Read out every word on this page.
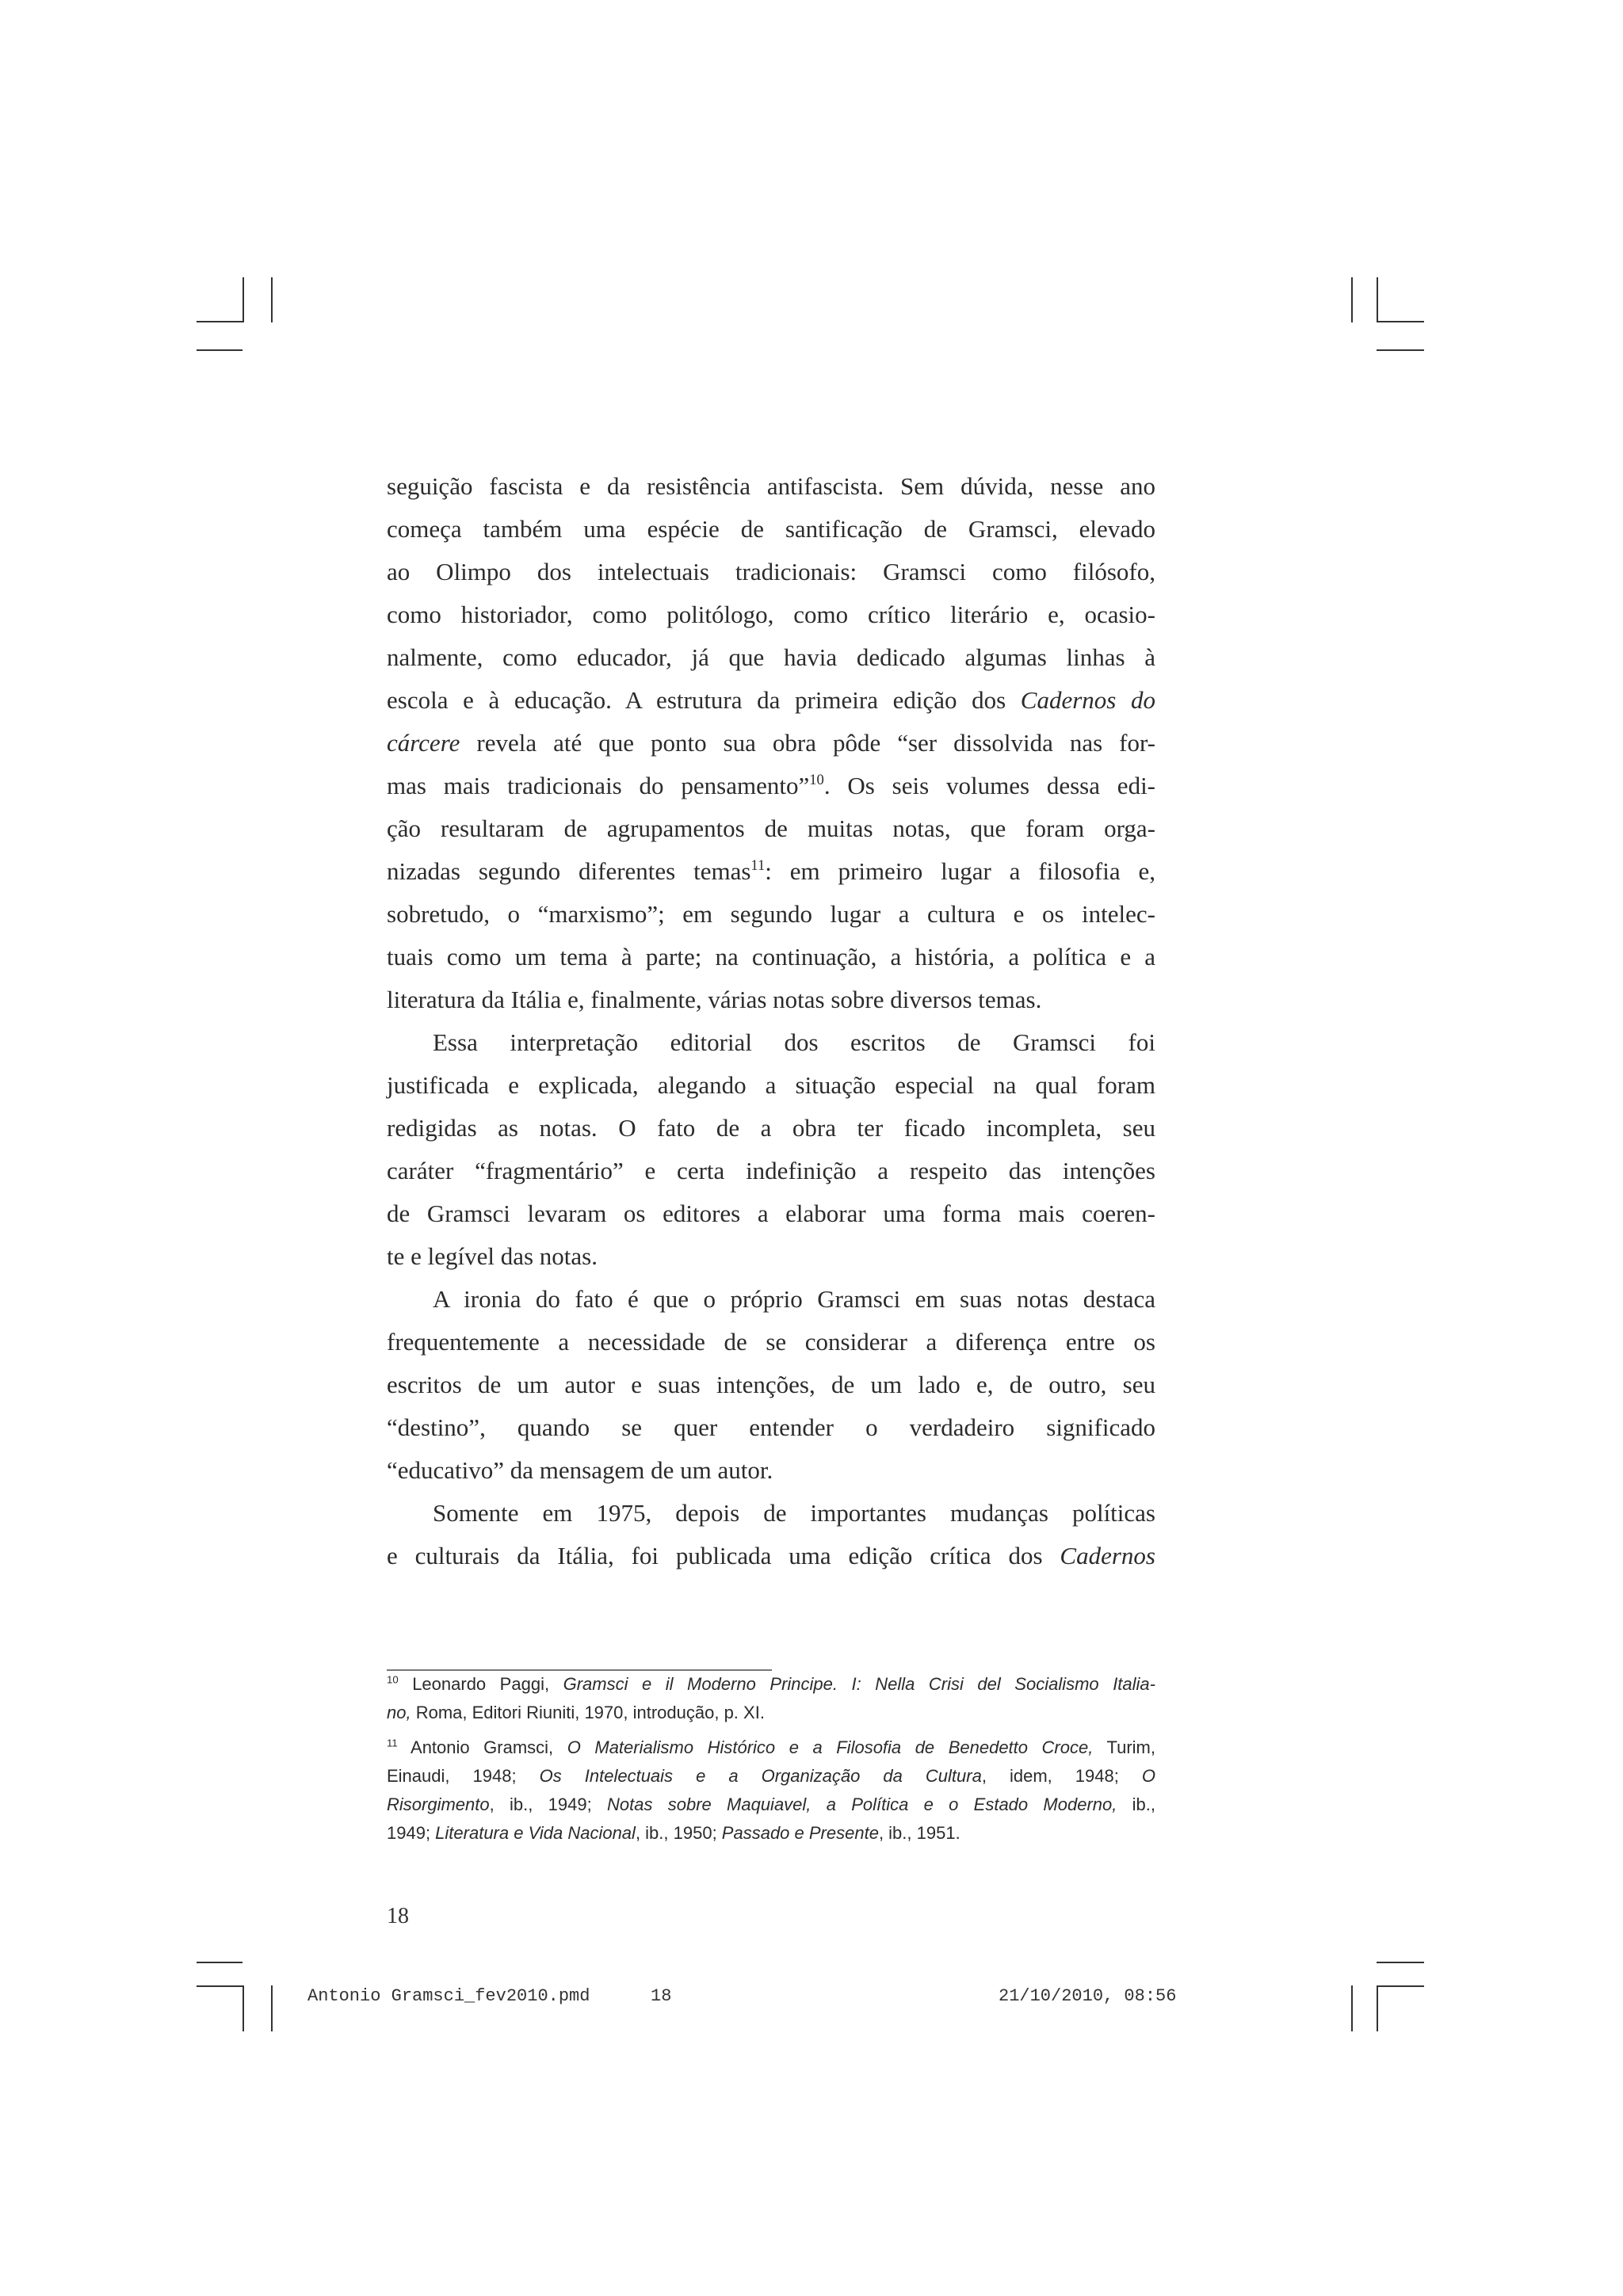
seguição fascista e da resistência antifascista. Sem dúvida, nesse ano
começa também uma espécie de santificação de Gramsci, elevado
ao Olimpo dos intelectuais tradicionais: Gramsci como filósofo,
como historiador, como politólogo, como crítico literário e, ocasio-
nalmente, como educador, já que havia dedicado algumas linhas à
escola e à educação. A estrutura da primeira edição dos Cadernos do
cárcere revela até que ponto sua obra pôde “ser dissolvida nas for-
mas mais tradicionais do pensamento”$^{10}$. Os seis volumes dessa edi-
ção resultaram de agrupamentos de muitas notas, que foram orga-
nizadas segundo diferentes temas$^{11}$: em primeiro lugar a filosofia e,
sobretudo, o “marxismo”; em segundo lugar a cultura e os intelec-
tuais como um tema à parte; na continuação, a história, a política e a
literatura da Itália e, finalmente, várias notas sobre diversos temas.
Essa interpretação editorial dos escritos de Gramsci foi
justificada e explicada, alegando a situação especial na qual foram
redigidas as notas. O fato de a obra ter ficado incompleta, seu
caráter “fragmentário” e certa indefinição a respeito das intenções
de Gramsci levaram os editores a elaborar uma forma mais coeren-
te e legível das notas.
A ironia do fato é que o próprio Gramsci em suas notas destaca
frequentemente a necessidade de se considerar a diferença entre os
escritos de um autor e suas intenções, de um lado e, de outro, seu
“destino”, quando se quer entender o verdadeiro significado
“educativo” da mensagem de um autor.
Somente em 1975, depois de importantes mudanças políticas
e culturais da Itália, foi publicada uma edição crítica dos Cadernos
$^{10}$ Leonardo Paggi, Gramsci e il Moderno Principe. I: Nella Crisi del Socialismo Italia-
no, Roma, Editori Riuniti, 1970, introdução, p. XI.
$^{11}$ Antonio Gramsci, O Materialismo Histórico e a Filosofia de Benedetto Croce, Turim,
Einaudi, 1948; Os Intelectuais e a Organização da Cultura, idem, 1948; O
Risorgimento, ib., 1949; Notas sobre Maquiavel, a Política e o Estado Moderno, ib.,
1949; Literatura e Vida Nacional, ib., 1950; Passado e Presente, ib., 1951.
18
Antonio Gramsci_fev2010.pmd	18	21/10/2010, 08:56
